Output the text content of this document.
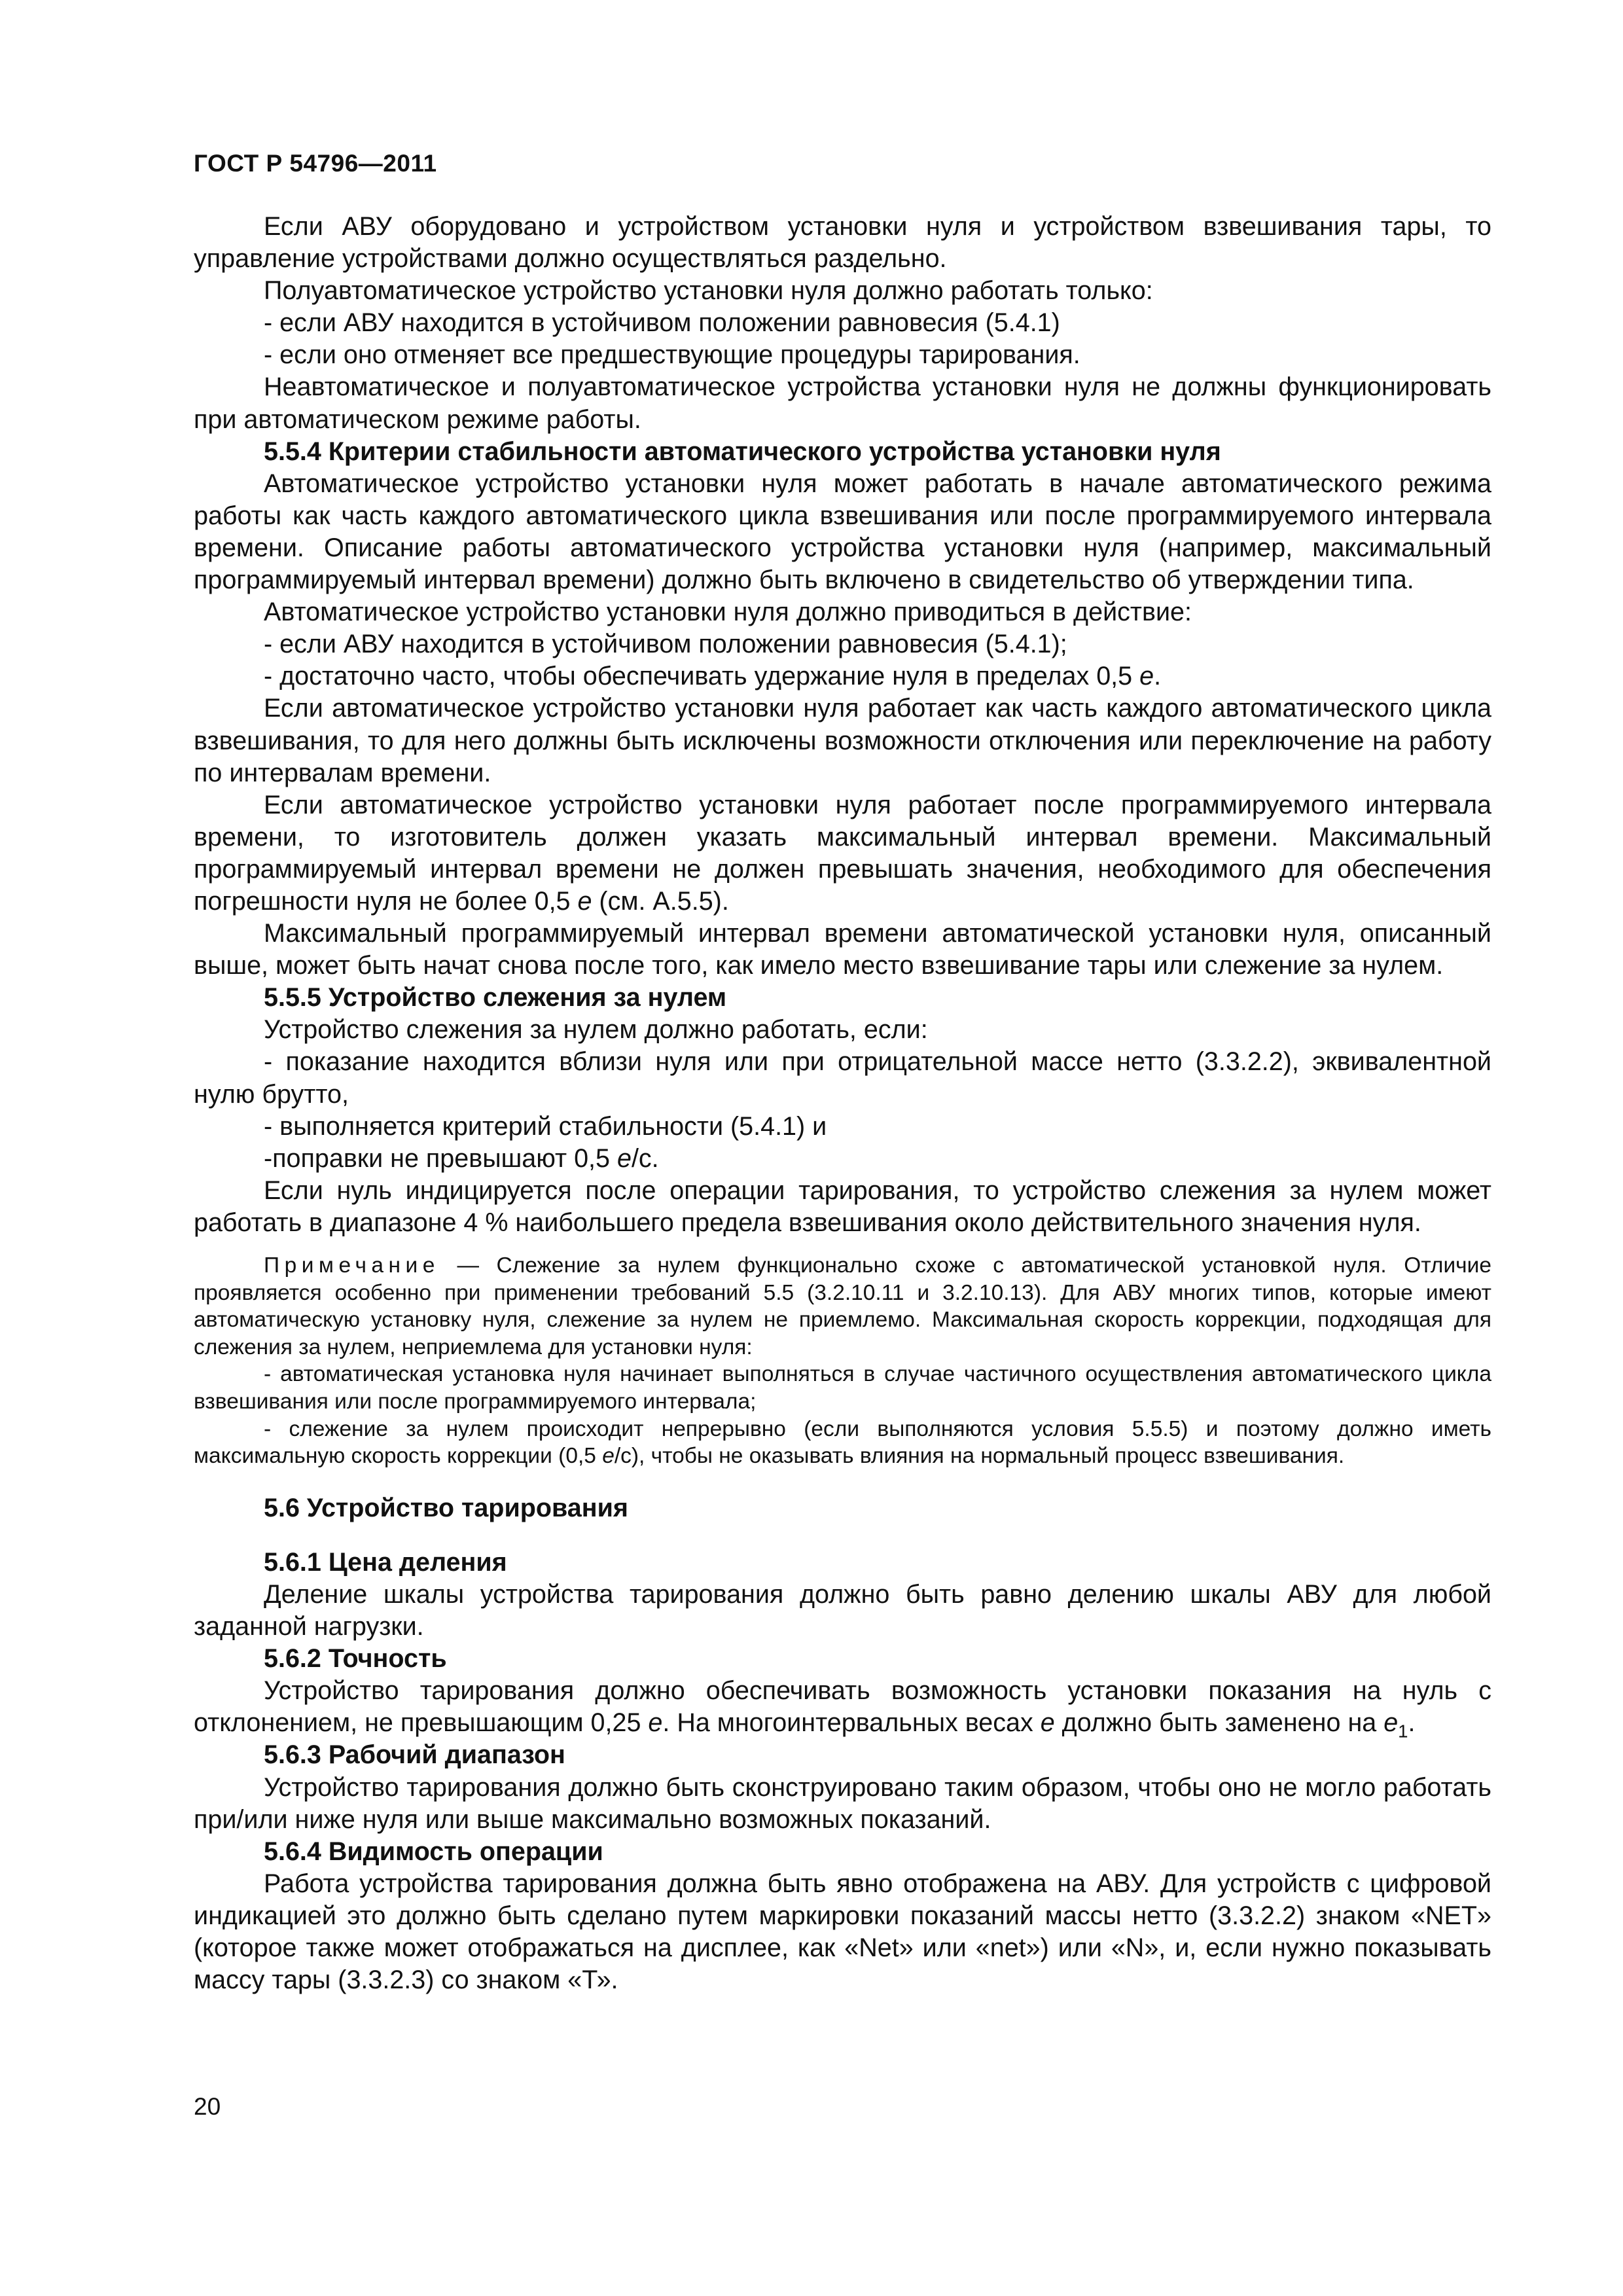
ГОСТ Р 54796—2011

Если АВУ оборудовано и устройством установки нуля и устройством взвешивания тары, то управление устройствами должно осуществляться раздельно.

Полуавтоматическое устройство установки нуля должно работать только:

- если АВУ находится в устойчивом положении равновесия (5.4.1)

- если оно отменяет все предшествующие процедуры тарирования.

Неавтоматическое и полуавтоматическое устройства установки нуля не должны функционировать при автоматическом режиме работы.

5.5.4 Критерии стабильности автоматического устройства установки нуля

Автоматическое устройство установки нуля может работать в начале автоматического режима работы как часть каждого автоматического цикла взвешивания или после программируемого интервала времени. Описание работы автоматического устройства установки нуля (например, максимальный программируемый интервал времени) должно быть включено в свидетельство об утверждении типа.

Автоматическое устройство установки нуля должно приводиться в действие:

- если АВУ находится в устойчивом положении равновесия (5.4.1);

- достаточно часто, чтобы обеспечивать удержание нуля в пределах 0,5 е.

Если автоматическое устройство установки нуля работает как часть каждого автоматического цикла взвешивания, то для него должны быть исключены возможности отключения или переключение на работу по интервалам времени.

Если автоматическое устройство установки нуля работает после программируемого интервала времени, то изготовитель должен указать максимальный интервал времени. Максимальный программируемый интервал времени не должен превышать значения, необходимого для обеспечения погрешности нуля не более 0,5 е (см. А.5.5).

Максимальный программируемый интервал времени автоматической установки нуля, описанный выше, может быть начат снова после того, как имело место взвешивание тары или слежение за нулем.

5.5.5 Устройство слежения за нулем

Устройство слежения за нулем должно работать, если:

- показание находится вблизи нуля или при отрицательной массе нетто (3.3.2.2), эквивалентной нулю брутто,

- выполняется критерий стабильности (5.4.1) и

-поправки не превышают 0,5 е/с.

Если нуль индицируется после операции тарирования, то устройство слежения за нулем может работать в диапазоне 4 % наибольшего предела взвешивания около действительного значения нуля.

Примечание — Слежение за нулем функционально схоже с автоматической установкой нуля. Отличие проявляется особенно при применении требований 5.5 (3.2.10.11 и 3.2.10.13). Для АВУ многих типов, которые имеют автоматическую установку нуля, слежение за нулем не приемлемо. Максимальная скорость коррекции, подходящая для слежения за нулем, неприемлема для установки нуля:

- автоматическая установка нуля начинает выполняться в случае частичного осуществления автоматического цикла взвешивания или после программируемого интервала;

- слежение за нулем происходит непрерывно (если выполняются условия 5.5.5) и поэтому должно иметь максимальную скорость коррекции (0,5 е/с), чтобы не оказывать влияния на нормальный процесс взвешивания.

5.6 Устройство тарирования

5.6.1 Цена деления

Деление шкалы устройства тарирования должно быть равно делению шкалы АВУ для любой заданной нагрузки.

5.6.2 Точность

Устройство тарирования должно обеспечивать возможность установки показания на нуль с отклонением, не превышающим 0,25 е. На многоинтервальных весах е должно быть заменено на $е_1$.

5.6.3 Рабочий диапазон

Устройство тарирования должно быть сконструировано таким образом, чтобы оно не могло работать при/или ниже нуля или выше максимально возможных показаний.

5.6.4 Видимость операции

Работа устройства тарирования должна быть явно отображена на АВУ. Для устройств с цифровой индикацией это должно быть сделано путем маркировки показаний массы нетто (3.3.2.2) знаком «NET» (которое также может отображаться на дисплее, как «Net» или «net») или «N», и, если нужно показывать массу тары (3.3.2.3) со знаком «Т».

20
